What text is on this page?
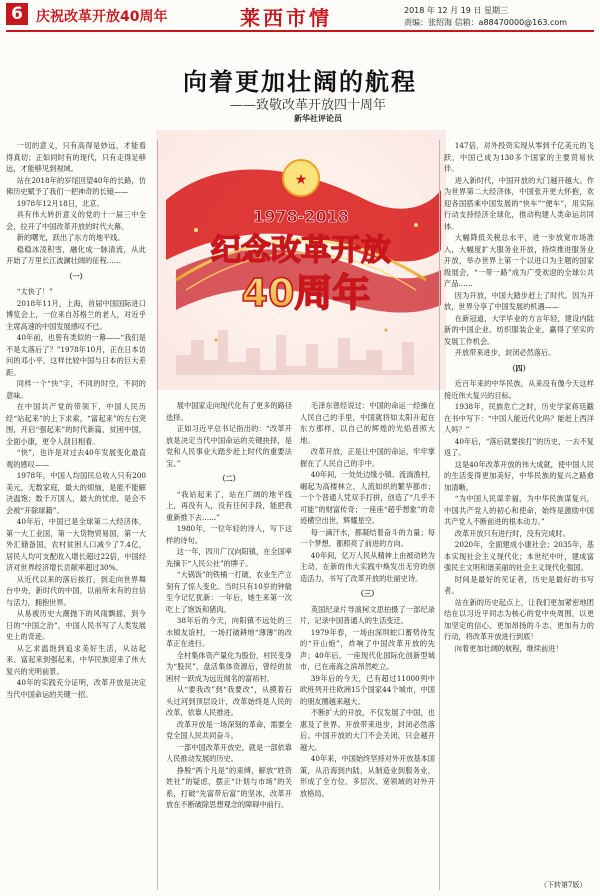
6 庆祝改革开放40周年	莱西市情	2018 年 12 月 19 日 星期三
责编：张绍海 信箱：a88470000@163.com
向着更加壮阔的航程
——致敬改革开放四十周年
新华社评论员
★
1978-2018
纪念改革开放
40周年

一切的意义，只有高得是妙远，才能看得真切；正如同时有的现代，只有走得足够远，才能够见到视域。

站在2018年的岁尾回望40年的长路，仿佛历史赋予了我们一把神奇的长镜——

1978年12月18日，北京。

具有伟大转折意义的党的十一届三中全会，拉开了中国改革开放的时代大幕。

新的曙光，跃出了东方的地平线。

稳稳冰凌积雪，融化成一脉清流，从此开始了万里长江波澜壮阔的征程……

（一）

“太快了！”

2018年11月，上海，首届中国国际进口博览会上，一位来自苏格兰的老人，对近乎主席高速的中国发展感叹不已。

40年前，也曾有类似的一幕——“我们是不是太落后了？”1978年10月，正在日本访问的邓小平，这样比较中国与日本的巨大差距。

同样一个“快”字，不同的时空，不同的意味。

在中国共产党的带领下，中国人民历经“站起来”的上下求索，“富起来”的左右突围，开启“强起来”的时代新篇，贫困中国，全面小康，更令人刮目相看。

“快”，也许是对过去40年发展变化最直观的感叹——

1978年，中国人均国民总收入只有200美元，无数家庭，最大的烦恼，是能不能解决温饱；数千万国人，最大的忧虑，是会不会被“开除球籍”。

40年后，中国已是全球第二大经济体，第一大工业国，第一大货物贸易国，第一大外汇储备国，农村贫困人口减少了7.4亿，居民人均可支配收入增长超过22倍，中国经济对世界经济增长贡献率超过30%。

从近代以来的落后挨打，到走向世界舞台中央，新时代的中国，以前所未有的自信与活力，拥抱世界。

从易被历史大潮抛下的风雨飘摇，到今日的“中国之治”，中国人民书写了人类发展史上的奇迹。

从乞求温饱到追求美好生活，从站起来、富起来到强起来，中华民族迎来了伟大复兴的光明前景。

40年的实践充分证明，改革开放是决定当代中国命运的关键一招。

展中国家走向现代化有了更多的路径选择。

正如习近平总书记指出的：“改革开放是决定当代中国命运的关键抉择，是党和人民事业大踏步赶上时代的重要法宝。”

（二）

“我站起来了，站在广阔的地平线上，再没有人，没有任何手段，能把我重新推下去……”

1980年，一位年轻的诗人，写下这样的诗句。

这一年，四川广汉向阳镇，在全国率先摘下“人民公社”的牌子。

“大锅饭”的铁桶一打破，农业生产立刻有了惊人变化。当时只有10岁的钟敏至今记忆犹新：一年后，她生来第一次吃上了饱饭和猪肉。

38年后的今天，向阳镇不远处的三水镇友谊村，一场打破耕地“薄薄”的改革正在进行。

全村集体资产量化为股份，村民变身为“股民”，盘活集体资源后，曾经的贫困村一跃成为远近闻名的富裕村。

从“要我改”到“我要改”，从摸着石头过河到顶层设计，改革始终是人民的改革，依靠人民推进。

改革开放是一场深刻的革命，需要全党全国人民共同奋斗。

一部中国改革开放史，就是一部依靠人民推动发展的历史。

挣脱“两个凡是”的束缚，解放“姓资姓社”的疑虑，摆正“计划与市场”的关系，打破“先富带后富”的坚冰，改革开放在不断破除思想观念的障碍中前行。

毛泽东曾经说过：中国的命运一经操在人民自己的手里，中国就将如太阳升起在东方那样，以自己的辉煌的光焰普照大地。

改革开放，正是让中国的命运，牢牢掌握在了人民自己的手中。

40年间，一处处边缘小镇、流淌渔村，崛起为高楼林立、人流如织的繁华都市；一个个普通人凭双手打拼，创造了“几乎不可能”的财富传奇；一座座“超乎想象”的奇迹横空出世，辉耀星空。

每一滴汗水，都凝结着奋斗的力量；每一个梦想，都照亮了前进的方向。

40年间，亿万人民从精神上由被动转为主动，在新的伟大实践中焕发出无穷的创造活力，书写了改革开放的壮丽史诗。

（三）

英国纪录片导演柯文思拍摄了一部纪录片，记录中国普通人的生活变迁。

1979年春，一场由深圳蛇口蓄势待发的“开山炮”，炸响了中国改革开放的先声；40年后，一座现代化国际化创新型城市，已在南海之滨昂然屹立。

39年后的今天，已有超过11000列中欧班列开往欧洲15个国家44个城市，中国的朋友圈越来越大。

不断扩大的开放，不仅发展了中国，也惠及了世界。开放带来进步，封闭必然落后。中国开放的大门不会关闭，只会越开越大。

40年来，中国始终坚持对外开放基本国策，从沿海到内陆，从制造业到服务业，形成了全方位、多层次、宽领域的对外开放格局。

147倍，对外投资实现从零到千亿美元的飞跃，中国已成为130多个国家的主要贸易伙伴。

进入新时代，中国开放的大门越开越大。作为世界第二大经济体，中国张开更大怀抱，欢迎各国搭乘中国发展的“快车”“便车”，用实际行动支持经济全球化，推动构建人类命运共同体。

大幅降低关税总水平，进一步放宽市场准入，大幅度扩大服务业开放，持续推进服务业开放，举办世界上第一个以进口为主题的国家级展会，“一带一路”成为广受欢迎的全球公共产品……

因为开放，中国大踏步赶上了时代。因为开放，世界分享了中国发展的机遇——

在新冠道，大学毕业的方言年轻，建设内陆新的中国企业、纺织服装企业，赢得了坚实的发展工作机会。

开放带来进步，封闭必然落后。

（四）

近百年来的中华民族，从来没有像今天这样接近伟大复兴的目标。

1938年，民族危亡之时，历史学家蒋廷黻在书中写下：“中国人能近代化吗？能赶上西洋人吗？”

40年后，“落后就要挨打”的历史，一去不复返了。

这是40年改革开放的伟大成就，使中国人民的生活变得更加美好，中华民族的复兴之路愈加清晰。

“为中国人民谋幸福，为中华民族谋复兴，中国共产党人的初心和使命，始终是激励中国共产党人不断前进的根本动力。”

改革开放只有进行时，没有完成时。

2020年，全面建成小康社会；2035年，基本实现社会主义现代化；本世纪中叶，建成富强民主文明和谐美丽的社会主义现代化强国。

时间是最好的见证者，历史是最好的书写者。

站在新的历史起点上，让我们更加紧密地团结在以习近平同志为核心的党中央周围，以更加坚定的信心、更加昂扬的斗志、更加有力的行动，将改革开放进行到底！

向着更加壮阔的航程，继续前进！

（下转第7版）
